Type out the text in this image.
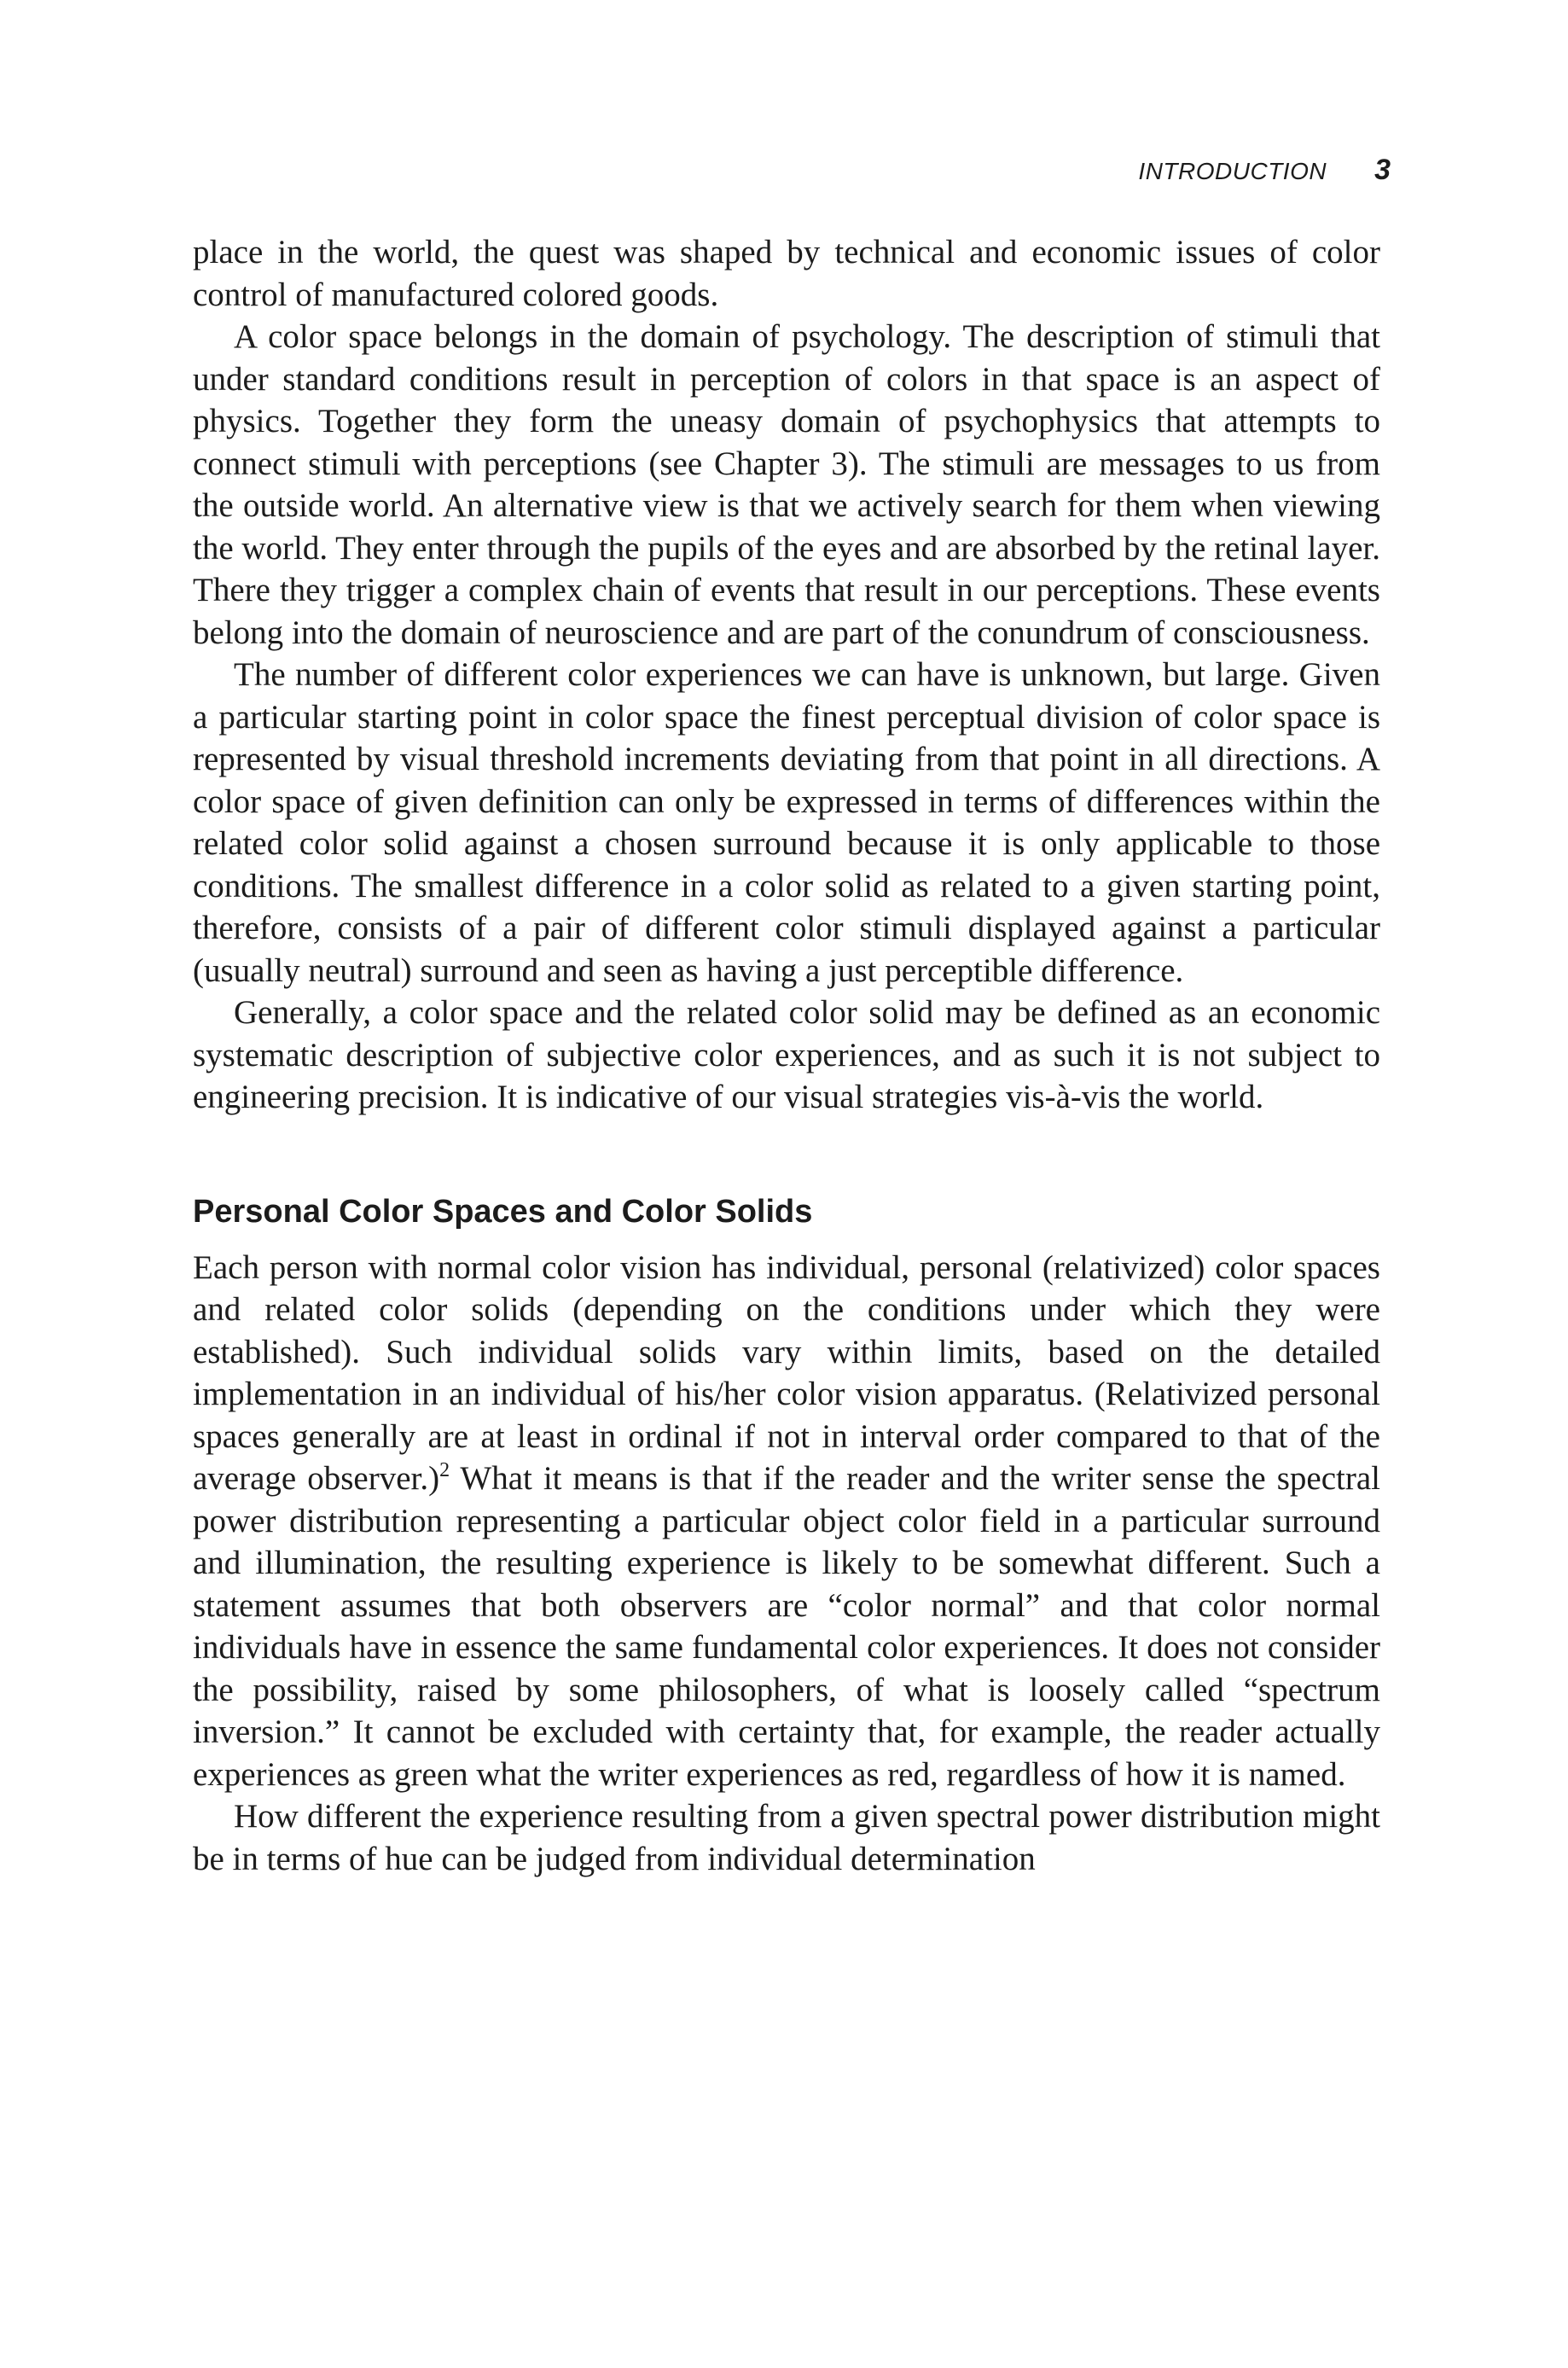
INTRODUCTION 3

place in the world, the quest was shaped by technical and economic issues of color control of manufactured colored goods.

A color space belongs in the domain of psychology. The description of stimuli that under standard conditions result in perception of colors in that space is an aspect of physics. Together they form the uneasy domain of psychophysics that attempts to connect stimuli with perceptions (see Chapter 3). The stimuli are messages to us from the outside world. An alternative view is that we actively search for them when viewing the world. They enter through the pupils of the eyes and are absorbed by the retinal layer. There they trigger a complex chain of events that result in our perceptions. These events belong into the domain of neuroscience and are part of the conundrum of consciousness.

The number of different color experiences we can have is unknown, but large. Given a particular starting point in color space the finest perceptual division of color space is represented by visual threshold increments deviating from that point in all directions. A color space of given definition can only be expressed in terms of differences within the related color solid against a chosen surround because it is only applicable to those conditions. The smallest difference in a color solid as related to a given starting point, therefore, consists of a pair of different color stimuli displayed against a particular (usually neutral) surround and seen as having a just perceptible difference.

Generally, a color space and the related color solid may be defined as an economic systematic description of subjective color experiences, and as such it is not subject to engineering precision. It is indicative of our visual strategies vis-à-vis the world.

Personal Color Spaces and Color Solids

Each person with normal color vision has individual, personal (relativized) color spaces and related color solids (depending on the conditions under which they were established). Such individual solids vary within limits, based on the detailed implementation in an individual of his/her color vision apparatus. (Relativized personal spaces generally are at least in ordinal if not in interval order compared to that of the average observer.)$^2$ What it means is that if the reader and the writer sense the spectral power distribution representing a particular object color field in a particular surround and illumination, the resulting experience is likely to be somewhat different. Such a statement assumes that both observers are “color normal” and that color normal individuals have in essence the same fundamental color experiences. It does not consider the possibility, raised by some philosophers, of what is loosely called “spectrum inversion.” It cannot be excluded with certainty that, for example, the reader actually experiences as green what the writer experiences as red, regardless of how it is named.

How different the experience resulting from a given spectral power distribution might be in terms of hue can be judged from individual determination
